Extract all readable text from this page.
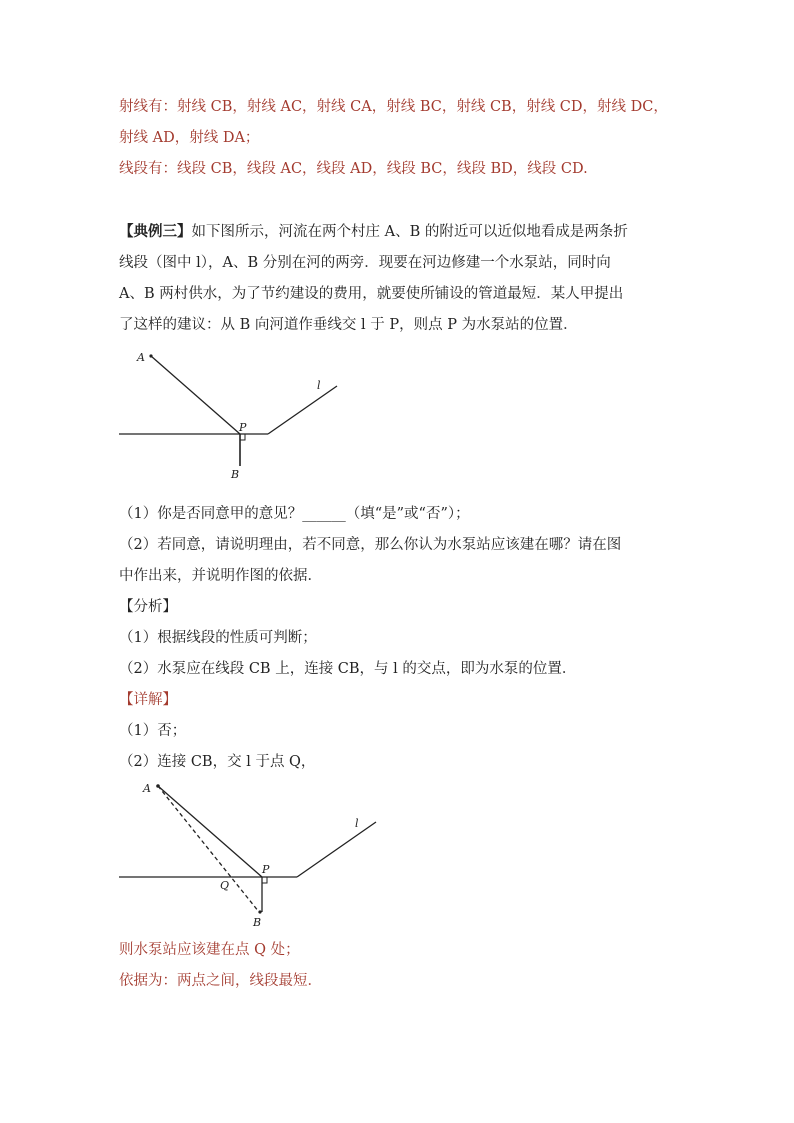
射线有：射线 CB，射线 AC，射线 CA，射线 BC，射线 CB，射线 CD，射线 DC，
射线 AD，射线 DA；
线段有：线段 CB，线段 AC，线段 AD，线段 BC，线段 BD，线段 CD.
【典例三】如下图所示，河流在两个村庄 A、B 的附近可以近似地看成是两条折
线段（图中 l），A、B 分别在河的两旁．现要在河边修建一个水泵站，同时向
A、B 两村供水，为了节约建设的费用，就要使所铺设的管道最短．某人甲提出
了这样的建议：从 B 向河道作垂线交 l 于 P，则点 P 为水泵站的位置．
A
P
B
l
（1）你是否同意甲的意见？______（填“是”或“否”）；
（2）若同意，请说明理由，若不同意，那么你认为水泵站应该建在哪？请在图
中作出来，并说明作图的依据．
【分析】
（1）根据线段的性质可判断；
（2）水泵应在线段 CB 上，连接 CB，与 l 的交点，即为水泵的位置．
【详解】
（1）否；
（2）连接 CB，交 l 于点 Q，
A
P
Q
B
l
则水泵站应该建在点 Q 处；
依据为：两点之间，线段最短．
